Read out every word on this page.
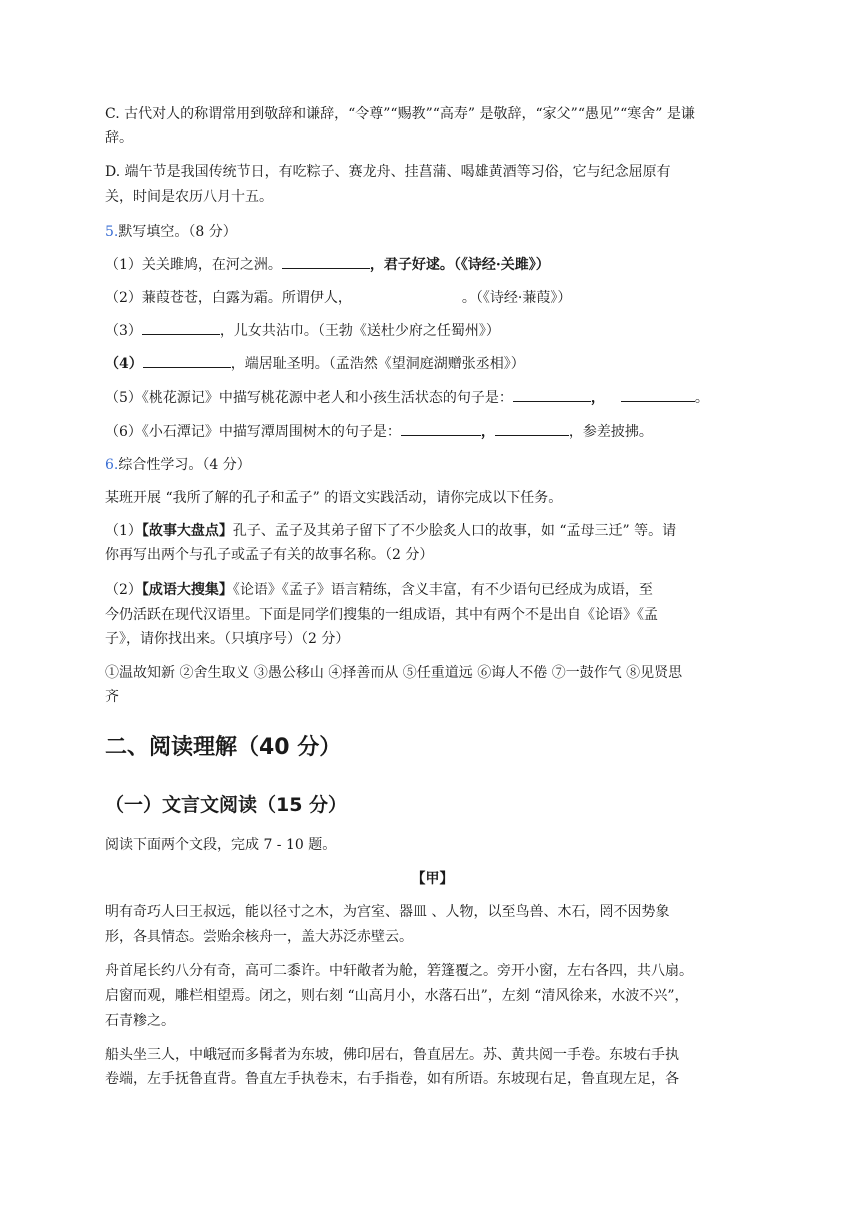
C. 古代对人的称谓常用到敬辞和谦辞，“令尊”“赐教”“高寿” 是敬辞，“家父”“愚见”“寒舍” 是谦
辞。
D. 端午节是我国传统节日，有吃粽子、赛龙舟、挂菖蒲、喝雄黄酒等习俗，它与纪念屈原有
关，时间是农历八月十五。
5.默写填空。（8 分）
（1）关关雎鸠，在河之洲。	，君子好逑。（《诗经·关雎》）
（2）蒹葭苍苍，白露为霜。所谓伊人，	。（《诗经·蒹葭》）
（3）	，儿女共沾巾。（王勃《送杜少府之任蜀州》）
（4）	，端居耻圣明。（孟浩然《望洞庭湖赠张丞相》）
（5）《桃花源记》中描写桃花源中老人和小孩生活状态的句子是：	，	。
（6）《小石潭记》中描写潭周围树木的句子是：	，	，参差披拂。
6.综合性学习。（4 分）
某班开展 “我所了解的孔子和孟子” 的语文实践活动，请你完成以下任务。
（1）【故事大盘点】孔子、孟子及其弟子留下了不少脍炙人口的故事，如 “孟母三迁” 等。请
你再写出两个与孔子或孟子有关的故事名称。（2 分）
（2）【成语大搜集】《论语》《孟子》语言精练，含义丰富，有不少语句已经成为成语，至
今仍活跃在现代汉语里。下面是同学们搜集的一组成语，其中有两个不是出自《论语》《孟
子》，请你找出来。（只填序号）（2 分）
①温故知新 ②舍生取义 ③愚公移山 ④择善而从 ⑤任重道远 ⑥诲人不倦 ⑦一鼓作气 ⑧见贤思
齐
二、阅读理解（40 分）
（一）文言文阅读（15 分）
阅读下面两个文段，完成 7 - 10 题。
【甲】
明有奇巧人曰王叔远，能以径寸之木，为宫室、器皿 、人物，以至鸟兽、木石，罔不因势象
形，各具情态。尝贻余核舟一，盖大苏泛赤壁云。
舟首尾长约八分有奇，高可二黍许。中轩敞者为舱，箬篷覆之。旁开小窗，左右各四，共八扇。
启窗而观，雕栏相望焉。闭之，则右刻 “山高月小，水落石出”，左刻 “清风徐来，水波不兴”，
石青糁之。
船头坐三人，中峨冠而多髯者为东坡，佛印居右，鲁直居左。苏、黄共阅一手卷。东坡右手执
卷端，左手抚鲁直背。鲁直左手执卷末，右手指卷，如有所语。东坡现右足，鲁直现左足，各
